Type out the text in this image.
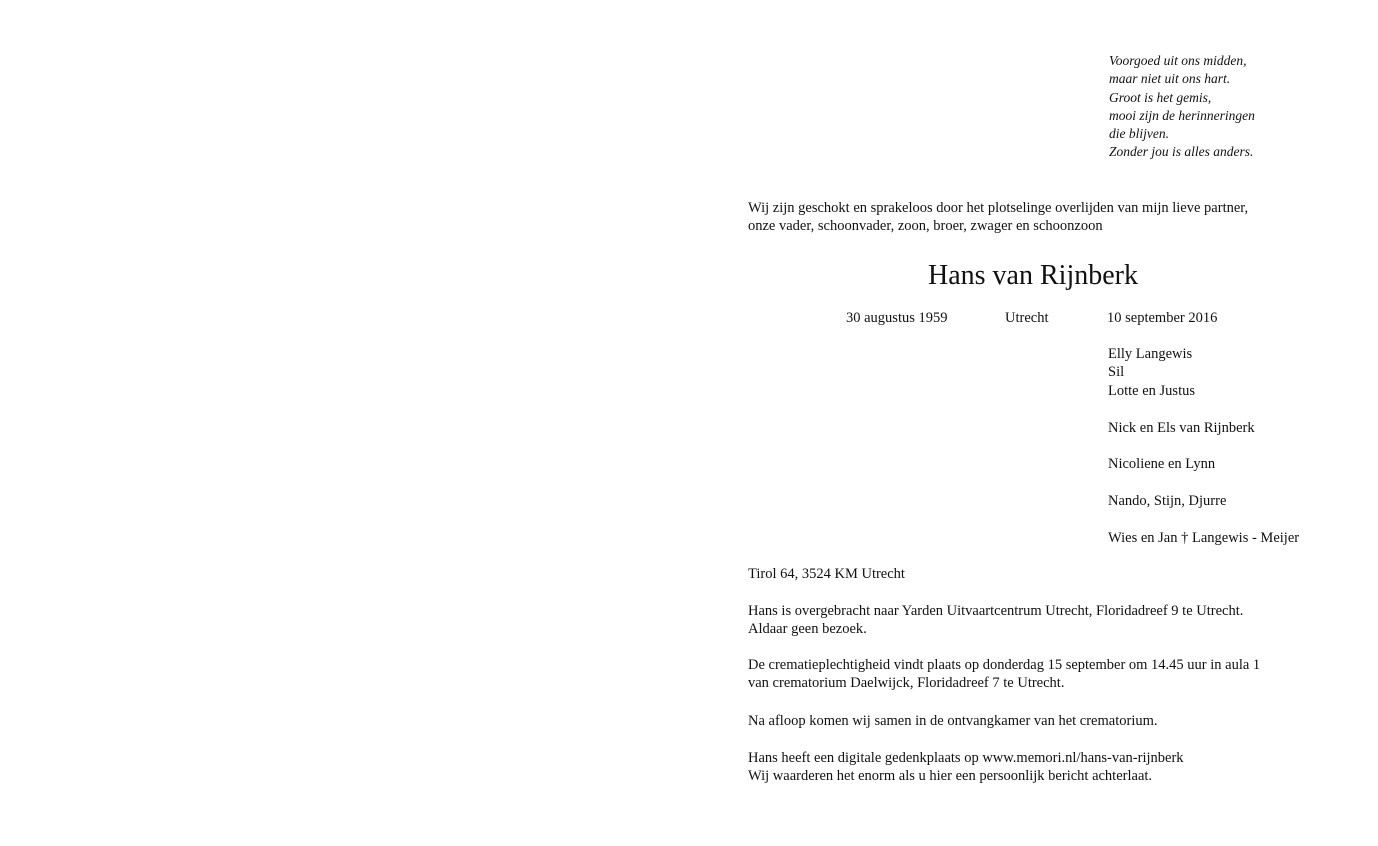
Voorgoed uit ons midden,
maar niet uit ons hart.
Groot is het gemis,
mooi zijn de herinneringen
die blijven.
Zonder jou is alles anders.
Wij zijn geschokt en sprakeloos door het plotselinge overlijden van mijn lieve partner,
onze vader, schoonvader, zoon, broer, zwager en schoonzoon
Hans van Rijnberk
30 augustus 1959	Utrecht	10 september 2016
Elly Langewis
Sil
Lotte en Justus
Nick en Els van Rijnberk
Nicoliene en Lynn
Nando, Stijn, Djurre
Wies en Jan † Langewis - Meijer
Tirol 64, 3524 KM Utrecht
Hans is overgebracht naar Yarden Uitvaartcentrum Utrecht, Floridadreef 9 te Utrecht.
Aldaar geen bezoek.
De crematieplechtigheid vindt plaats op donderdag 15 september om 14.45 uur in aula 1
van crematorium Daelwijck, Floridadreef 7 te Utrecht.
Na afloop komen wij samen in de ontvangkamer van het crematorium.
Hans heeft een digitale gedenkplaats op www.memori.nl/hans-van-rijnberk
Wij waarderen het enorm als u hier een persoonlijk bericht achterlaat.
